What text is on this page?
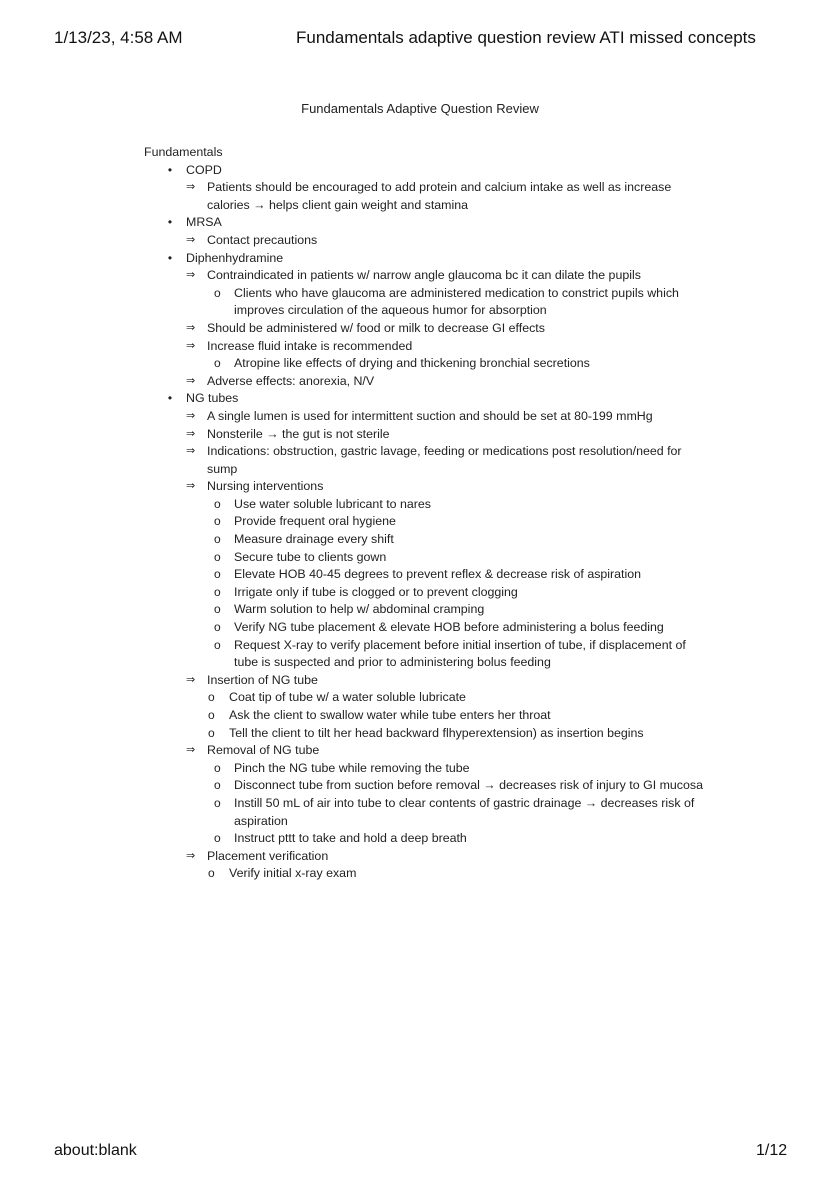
1/13/23, 4:58 AM	Fundamentals adaptive question review ATI missed concepts
Fundamentals Adaptive Question Review
Fundamentals
• COPD
⇒ Patients should be encouraged to add protein and calcium intake as well as increase calories → helps client gain weight and stamina
• MRSA
⇒ Contact precautions
• Diphenhydramine
⇒ Contraindicated in patients w/ narrow angle glaucoma bc it can dilate the pupils
o	Clients who have glaucoma are administered medication to constrict pupils which improves circulation of the aqueous humor for absorption
⇒ Should be administered w/ food or milk to decrease GI effects
⇒ Increase fluid intake is recommended
o	Atropine like effects of drying and thickening bronchial secretions
⇒ Adverse effects: anorexia, N/V
• NG tubes
⇒ A single lumen is used for intermittent suction and should be set at 80-199 mmHg
⇒ Nonsterile → the gut is not sterile
⇒ Indications: obstruction, gastric lavage, feeding or medications post resolution/need for sump
⇒ Nursing interventions
o	Use water soluble lubricant to nares
o	Provide frequent oral hygiene
o	Measure drainage every shift
o	Secure tube to clients gown
o	Elevate HOB 40-45 degrees to prevent reflex & decrease risk of aspiration
o	Irrigate only if tube is clogged or to prevent clogging
o	Warm solution to help w/ abdominal cramping
o	Verify NG tube placement & elevate HOB before administering a bolus feeding
o	Request X-ray to verify placement before initial insertion of tube, if displacement of tube is suspected and prior to administering bolus feeding
⇒ Insertion of NG tube
o	Coat tip of tube w/ a water soluble lubricate
o	Ask the client to swallow water while tube enters her throat
o	Tell the client to tilt her head backward flhyperextension) as insertion begins
⇒ Removal of NG tube
o	Pinch the NG tube while removing the tube
o	Disconnect tube from suction before removal → decreases risk of injury to GI mucosa
o	Instill 50 mL of air into tube to clear contents of gastric drainage → decreases risk of aspiration
o	Instruct pttt to take and hold a deep breath
⇒ Placement verification
o	Verify initial x-ray exam
about:blank	1/12
